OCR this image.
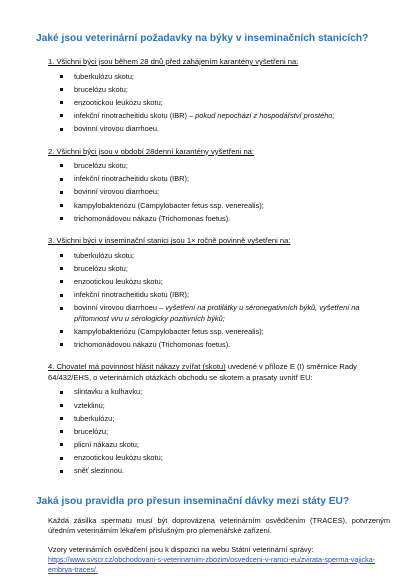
Jaké jsou veterinární požadavky na býky v inseminačních stanicích?
1. Všichni býci jsou během 28 dnů před zahájením karantény vyšetřeni na:
tuberkulózu skotu;
brucelózu skotu;
enzootickou leukózu skotu;
infekční rinotracheitidu skotu (IBR) – pokud nepochází z hospodářství prostého;
bovinní virovou diarrhoeu.
2. Všichni býci jsou v období 28denní karantény vyšetřeni na:
brucelózu skotu;
infekční rinotracheitidu skotu (IBR);
bovinní virovou diarrhoeu;
kampylobakteriózu (Campylobacter fetus ssp. venerealis);
trichomonádovou nákazu (Trichomonas foetus).
3. Všichni býci v inseminační stanici jsou 1× ročně povinně vyšetřeni na:
tuberkulózu skotu;
brucelózu skotu;
enzootickou leukózu skotu;
infekční rinotracheitidu skotu (IBR);
bovinní virovou diarrhoeu – vyšetření na protilátky u séronegativních býků, vyšetření na přítomnost viru u sérologicky pozitivních býků;
kampylobakteriózu (Campylobacter fetus ssp. venerealis);
trichomonádovou nákazu (Trichomonas foetus).
4. Chovatel má povinnost hlásit nákazy zvířat (skotu) uvedené v příloze E (I) směrnice Rady 64/432/EHS, o veterinárních otázkách obchodu se skotem a prasaty uvnitř EU:
slintavku a kulhavku;
vzteklinu;
tuberkulózu;
brucelózu;
plicní nákazu skotu;
enzootickou leukózu skotu;
sněť slezinnou.
Jaká jsou pravidla pro přesun inseminační dávky mezi státy EU?
Každá zásilka spermatu musí být doprovázena veterinárním osvědčením (TRACES), potvrzeným úředním veterinárním lékařem příslušným pro plemenářské zařízení.
Vzory veterinárních osvědčení jsou k dispozici na webu Státní veterinární správy:
https://www.svscr.cz/obchodovani-s-veterinarnim-zbozim/osvedceni-v-ramci-eu/zvirata-sperma-vajicka-embrya-traces/.
